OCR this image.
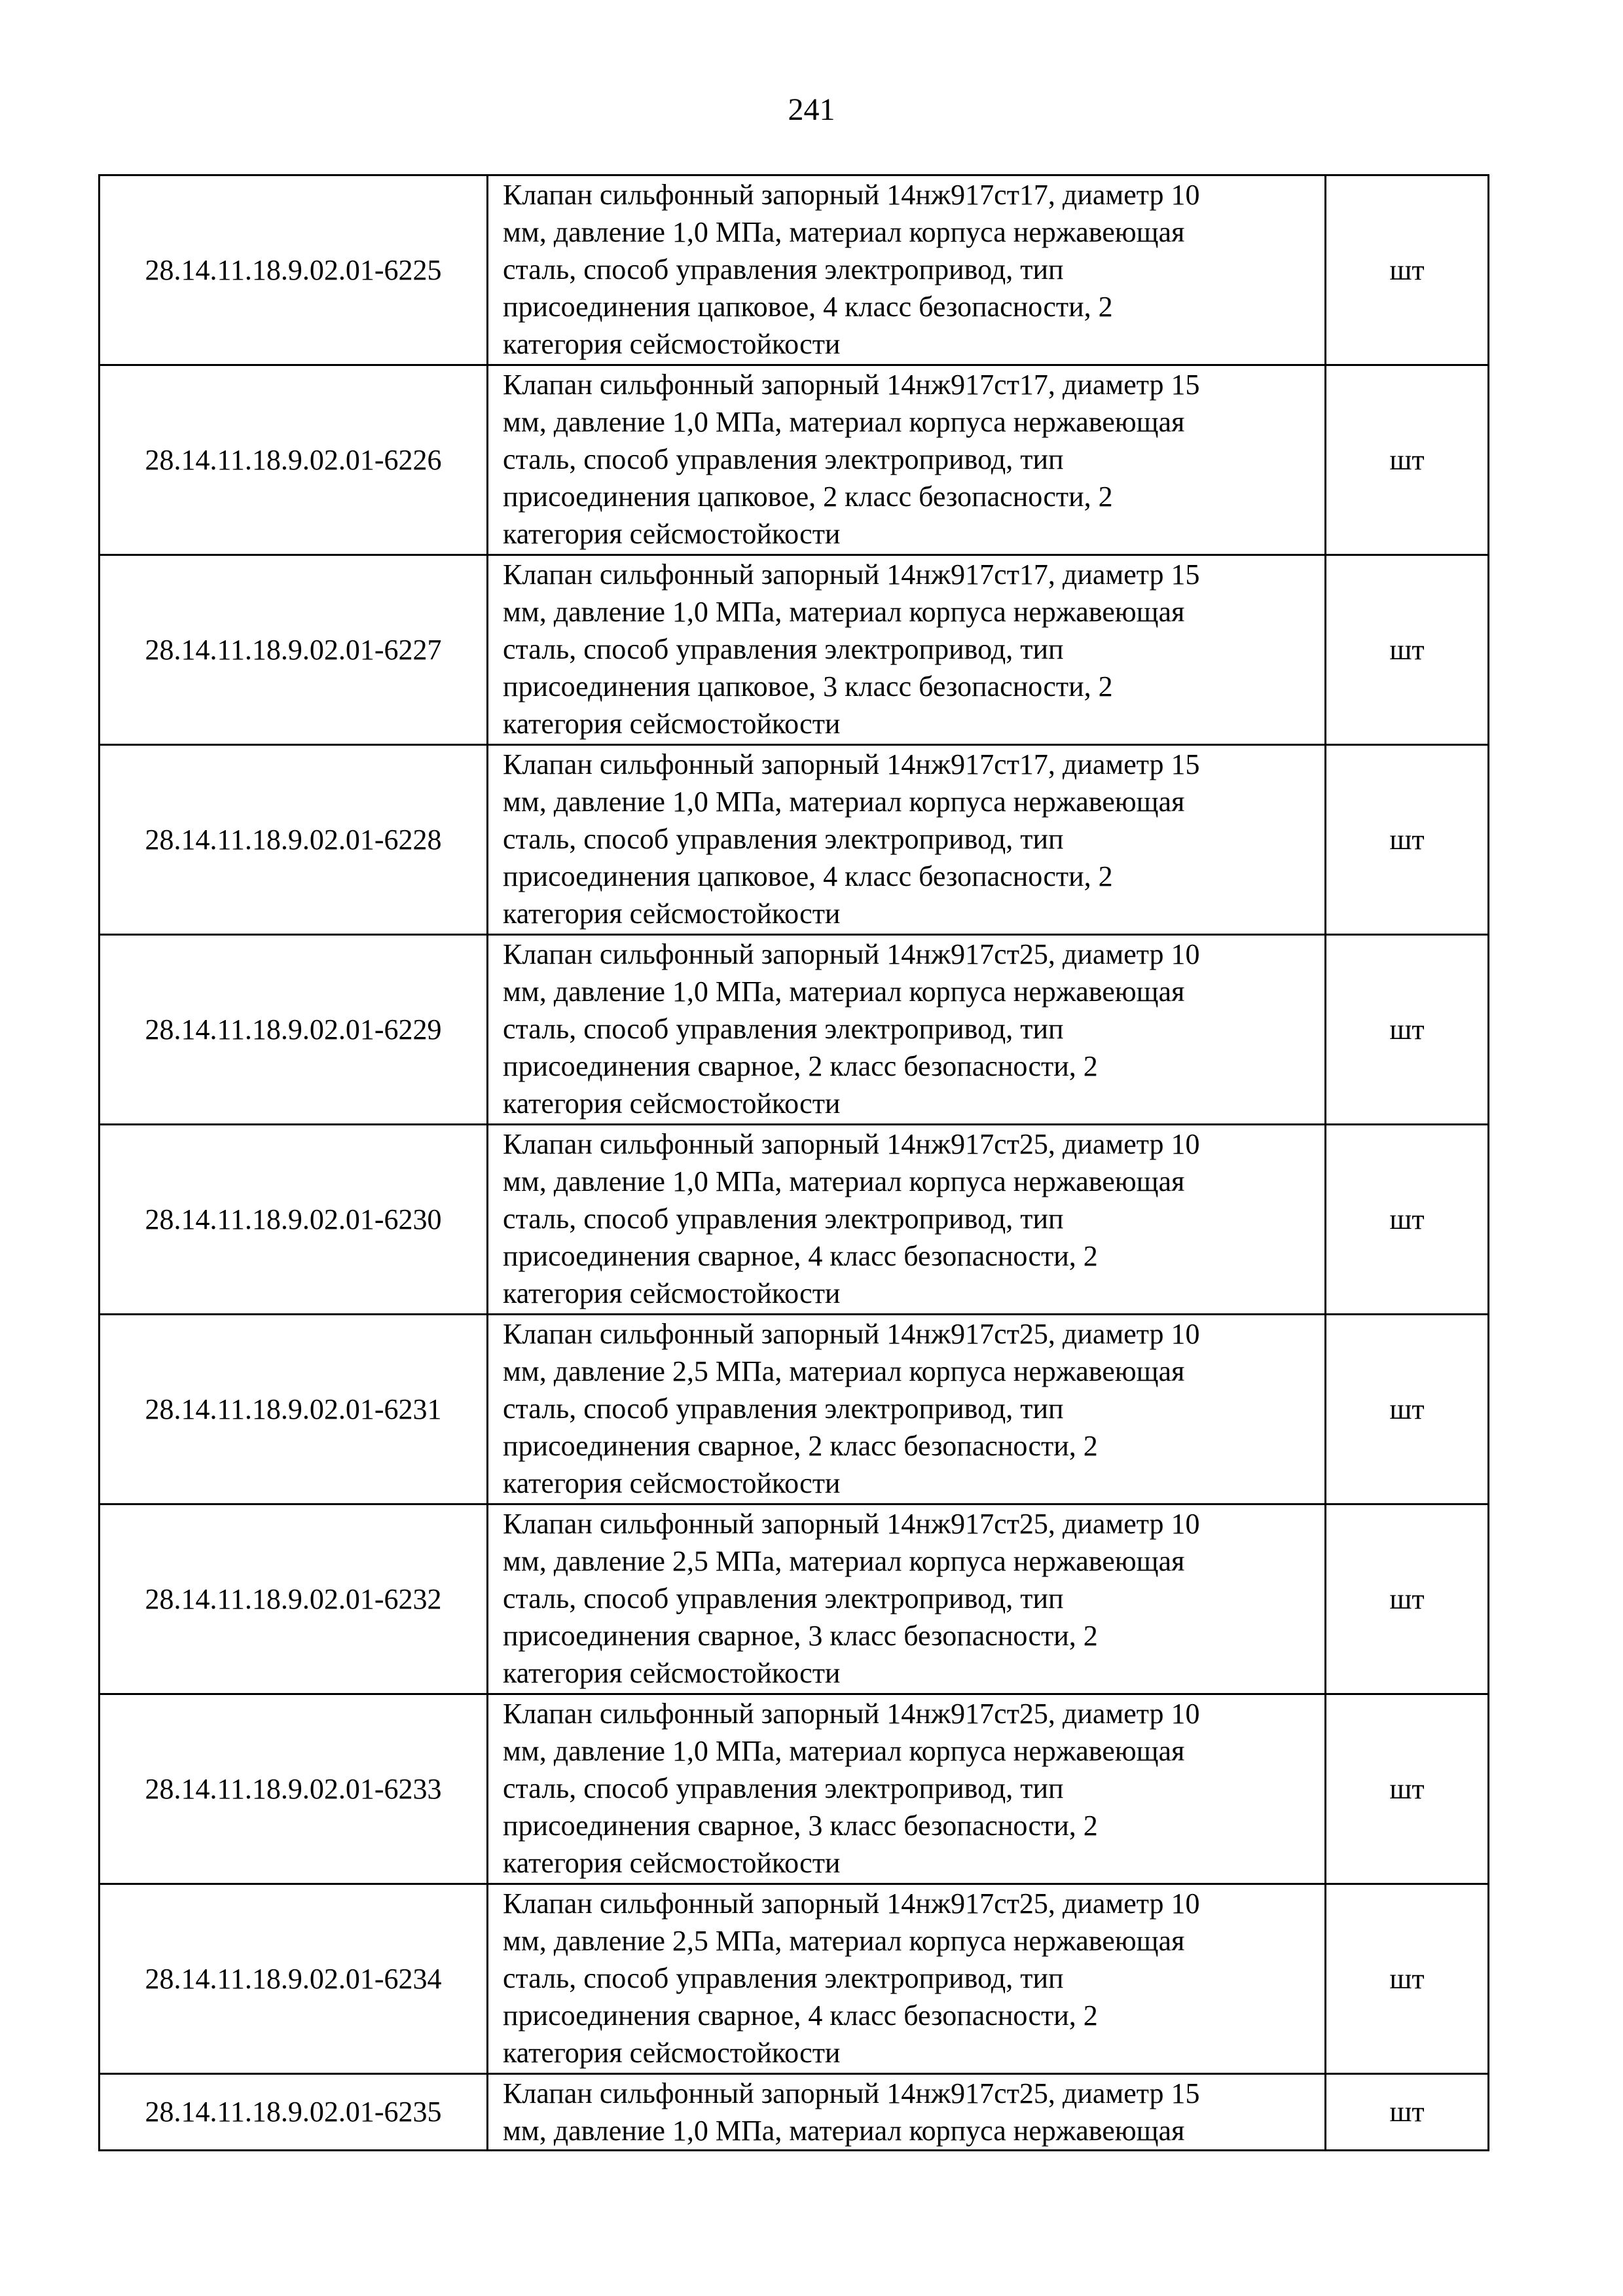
241
28.14.11.18.9.02.01-6225	Клапан сильфонный запорный 14нж917ст17, диаметр 10
мм, давление 1,0 МПа, материал корпуса нержавеющая
сталь, способ управления электропривод, тип
присоединения цапковое, 4 класс безопасности, 2
категория сейсмостойкости	шт
28.14.11.18.9.02.01-6226	Клапан сильфонный запорный 14нж917ст17, диаметр 15
мм, давление 1,0 МПа, материал корпуса нержавеющая
сталь, способ управления электропривод, тип
присоединения цапковое, 2 класс безопасности, 2
категория сейсмостойкости	шт
28.14.11.18.9.02.01-6227	Клапан сильфонный запорный 14нж917ст17, диаметр 15
мм, давление 1,0 МПа, материал корпуса нержавеющая
сталь, способ управления электропривод, тип
присоединения цапковое, 3 класс безопасности, 2
категория сейсмостойкости	шт
28.14.11.18.9.02.01-6228	Клапан сильфонный запорный 14нж917ст17, диаметр 15
мм, давление 1,0 МПа, материал корпуса нержавеющая
сталь, способ управления электропривод, тип
присоединения цапковое, 4 класс безопасности, 2
категория сейсмостойкости	шт
28.14.11.18.9.02.01-6229	Клапан сильфонный запорный 14нж917ст25, диаметр 10
мм, давление 1,0 МПа, материал корпуса нержавеющая
сталь, способ управления электропривод, тип
присоединения сварное, 2 класс безопасности, 2
категория сейсмостойкости	шт
28.14.11.18.9.02.01-6230	Клапан сильфонный запорный 14нж917ст25, диаметр 10
мм, давление 1,0 МПа, материал корпуса нержавеющая
сталь, способ управления электропривод, тип
присоединения сварное, 4 класс безопасности, 2
категория сейсмостойкости	шт
28.14.11.18.9.02.01-6231	Клапан сильфонный запорный 14нж917ст25, диаметр 10
мм, давление 2,5 МПа, материал корпуса нержавеющая
сталь, способ управления электропривод, тип
присоединения сварное, 2 класс безопасности, 2
категория сейсмостойкости	шт
28.14.11.18.9.02.01-6232	Клапан сильфонный запорный 14нж917ст25, диаметр 10
мм, давление 2,5 МПа, материал корпуса нержавеющая
сталь, способ управления электропривод, тип
присоединения сварное, 3 класс безопасности, 2
категория сейсмостойкости	шт
28.14.11.18.9.02.01-6233	Клапан сильфонный запорный 14нж917ст25, диаметр 10
мм, давление 1,0 МПа, материал корпуса нержавеющая
сталь, способ управления электропривод, тип
присоединения сварное, 3 класс безопасности, 2
категория сейсмостойкости	шт
28.14.11.18.9.02.01-6234	Клапан сильфонный запорный 14нж917ст25, диаметр 10
мм, давление 2,5 МПа, материал корпуса нержавеющая
сталь, способ управления электропривод, тип
присоединения сварное, 4 класс безопасности, 2
категория сейсмостойкости	шт
28.14.11.18.9.02.01-6235	Клапан сильфонный запорный 14нж917ст25, диаметр 15
мм, давление 1,0 МПа, материал корпуса нержавеющая	шт
